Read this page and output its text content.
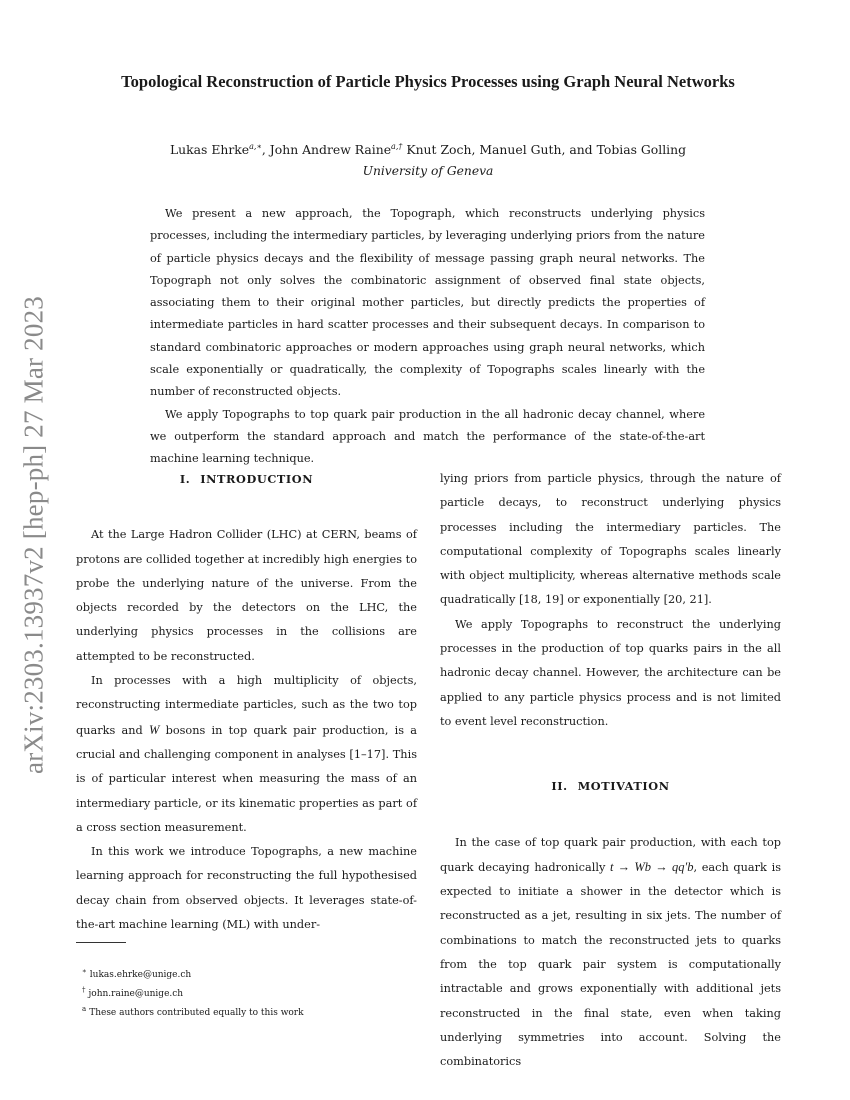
arXiv:2303.13937v2 [hep-ph] 27 Mar 2023
Topological Reconstruction of Particle Physics Processes using Graph Neural Networks
Lukas Ehrke$^{a,∗}$, John Andrew Raine$^{a,\dagger}$ Knut Zoch, Manuel Guth, and Tobias Golling
University of Geneva

We present a new approach, the Topograph, which reconstructs underlying physics processes, including the intermediary particles, by leveraging underlying priors from the nature of particle physics decays and the flexibility of message passing graph neural networks. The Topograph not only solves the combinatoric assignment of observed final state objects, associating them to their original mother particles, but directly predicts the properties of intermediate particles in hard scatter processes and their subsequent decays. In comparison to standard combinatoric approaches or modern approaches using graph neural networks, which scale exponentially or quadratically, the complexity of Topographs scales linearly with the number of reconstructed objects.

We apply Topographs to top quark pair production in the all hadronic decay channel, where we outperform the standard approach and match the performance of the state-of-the-art machine learning technique.

I. INTRODUCTION

At the Large Hadron Collider (LHC) at CERN, beams of protons are collided together at incredibly high energies to probe the underlying nature of the universe. From the objects recorded by the detectors on the LHC, the underlying physics processes in the collisions are attempted to be reconstructed.

In processes with a high multiplicity of objects, reconstructing intermediate particles, such as the two top quarks and W bosons in top quark pair production, is a crucial and challenging component in analyses [1–17]. This is of particular interest when measuring the mass of an intermediary particle, or its kinematic properties as part of a cross section measurement.

In this work we introduce Topographs, a new machine learning approach for reconstructing the full hypothesised decay chain from observed objects. It leverages state-of-the-art machine learning (ML) with under-

lying priors from particle physics, through the nature of particle decays, to reconstruct underlying physics processes including the intermediary particles. The computational complexity of Topographs scales linearly with object multiplicity, whereas alternative methods scale quadratically [18, 19] or exponentially [20, 21].

We apply Topographs to reconstruct the underlying processes in the production of top quarks pairs in the all hadronic decay channel. However, the architecture can be applied to any particle physics process and is not limited to event level reconstruction.

II. MOTIVATION

In the case of top quark pair production, with each top quark decaying hadronically t → Wb → qq′b, each quark is expected to initiate a shower in the detector which is reconstructed as a jet, resulting in six jets. The number of combinations to match the reconstructed jets to quarks from the top quark pair system is computationally intractable and grows exponentially with additional jets reconstructed in the final state, even when taking underlying symmetries into account. Solving the combinatorics

∗ lukas.ehrke@unige.ch
† john.raine@unige.ch
$^a$ These authors contributed equally to this work
